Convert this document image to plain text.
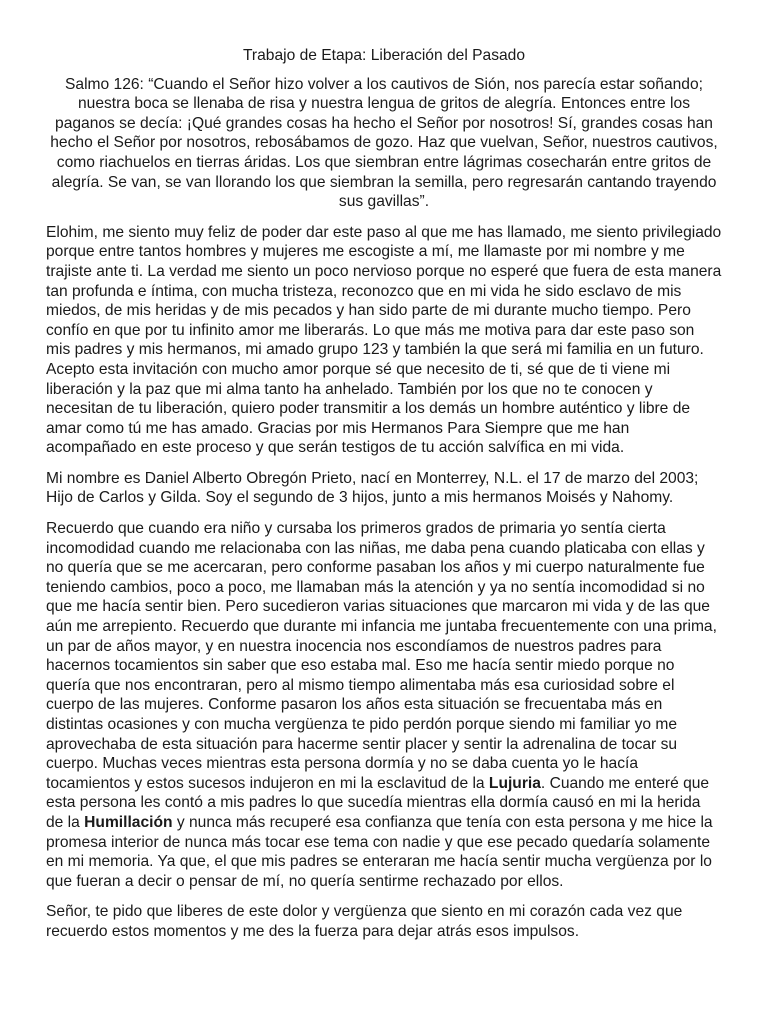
Trabajo de Etapa: Liberación del Pasado

Salmo 126: “Cuando el Señor hizo volver a los cautivos de Sión, nos parecía estar soñando; nuestra boca se llenaba de risa y nuestra lengua de gritos de alegría. Entonces entre los paganos se decía: ¡Qué grandes cosas ha hecho el Señor por nosotros! Sí, grandes cosas han hecho el Señor por nosotros, rebosábamos de gozo. Haz que vuelvan, Señor, nuestros cautivos, como riachuelos en tierras áridas. Los que siembran entre lágrimas cosecharán entre gritos de alegría. Se van, se van llorando los que siembran la semilla, pero regresarán cantando trayendo sus gavillas”.

Elohim, me siento muy feliz de poder dar este paso al que me has llamado, me siento privilegiado porque entre tantos hombres y mujeres me escogiste a mí, me llamaste por mi nombre y me trajiste ante ti. La verdad me siento un poco nervioso porque no esperé que fuera de esta manera tan profunda e íntima, con mucha tristeza, reconozco que en mi vida he sido esclavo de mis miedos, de mis heridas y de mis pecados y han sido parte de mi durante mucho tiempo. Pero confío en que por tu infinito amor me liberarás. Lo que más me motiva para dar este paso son mis padres y mis hermanos, mi amado grupo 123 y también la que será mi familia en un futuro. Acepto esta invitación con mucho amor porque sé que necesito de ti, sé que de ti viene mi liberación y la paz que mi alma tanto ha anhelado. También por los que no te conocen y necesitan de tu liberación, quiero poder transmitir a los demás un hombre auténtico y libre de amar como tú me has amado. Gracias por mis Hermanos Para Siempre que me han acompañado en este proceso y que serán testigos de tu acción salvífica en mi vida.

Mi nombre es Daniel Alberto Obregón Prieto, nací en Monterrey, N.L. el 17 de marzo del 2003; Hijo de Carlos y Gilda. Soy el segundo de 3 hijos, junto a mis hermanos Moisés y Nahomy.

Recuerdo que cuando era niño y cursaba los primeros grados de primaria yo sentía cierta incomodidad cuando me relacionaba con las niñas, me daba pena cuando platicaba con ellas y no quería que se me acercaran, pero conforme pasaban los años y mi cuerpo naturalmente fue teniendo cambios, poco a poco, me llamaban más la atención y ya no sentía incomodidad si no que me hacía sentir bien. Pero sucedieron varias situaciones que marcaron mi vida y de las que aún me arrepiento. Recuerdo que durante mi infancia me juntaba frecuentemente con una prima, un par de años mayor, y en nuestra inocencia nos escondíamos de nuestros padres para hacernos tocamientos sin saber que eso estaba mal. Eso me hacía sentir miedo porque no quería que nos encontraran, pero al mismo tiempo alimentaba más esa curiosidad sobre el cuerpo de las mujeres. Conforme pasaron los años esta situación se frecuentaba más en distintas ocasiones y con mucha vergüenza te pido perdón porque siendo mi familiar yo me aprovechaba de esta situación para hacerme sentir placer y sentir la adrenalina de tocar su cuerpo. Muchas veces mientras esta persona dormía y no se daba cuenta yo le hacía tocamientos y estos sucesos indujeron en mi la esclavitud de la Lujuria. Cuando me enteré que esta persona les contó a mis padres lo que sucedía mientras ella dormía causó en mi la herida de la Humillación y nunca más recuperé esa confianza que tenía con esta persona y me hice la promesa interior de nunca más tocar ese tema con nadie y que ese pecado quedaría solamente en mi memoria. Ya que, el que mis padres se enteraran me hacía sentir mucha vergüenza por lo que fueran a decir o pensar de mí, no quería sentirme rechazado por ellos.

Señor, te pido que liberes de este dolor y vergüenza que siento en mi corazón cada vez que recuerdo estos momentos y me des la fuerza para dejar atrás esos impulsos.
